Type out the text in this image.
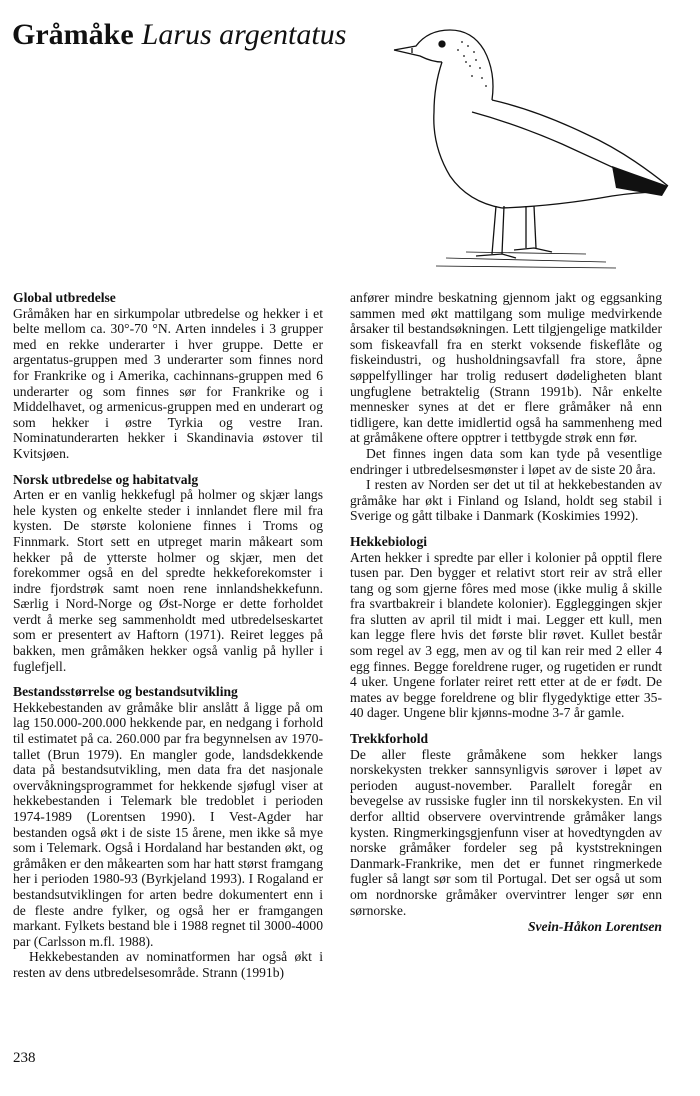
Gråmåke Larus argentatus
Global utbredelse

Gråmåken har en sirkumpolar utbredelse og hekker i et belte mellom ca. 30°-70 °N. Arten inndeles i 3 grupper med en rekke underarter i hver gruppe. Dette er argentatus-gruppen med 3 underarter som finnes nord for Frankrike og i Amerika, cachinnans-gruppen med 6 underarter og som finnes sør for Frankrike og i Middelhavet, og armenicus-gruppen med en underart og som hekker i østre Tyrkia og vestre Iran. Nominatunderarten hekker i Skandinavia østover til Kvitsjøen.

Norsk utbredelse og habitatvalg

Arten er en vanlig hekkefugl på holmer og skjær langs hele kysten og enkelte steder i innlandet flere mil fra kysten. De største koloniene finnes i Troms og Finnmark. Stort sett en utpreget marin måkeart som hekker på de ytterste holmer og skjær, men det forekommer også en del spredte hekkeforekomster i indre fjordstrøk samt noen rene innlandshekkefunn. Særlig i Nord-Norge og Øst-Norge er dette forholdet verdt å merke seg sammenholdt med utbredelseskartet som er presentert av Haftorn (1971). Reiret legges på bakken, men gråmåken hekker også vanlig på hyller i fuglefjell.

Bestandsstørrelse og bestandsutvikling

Hekkebestanden av gråmåke blir anslått å ligge på om lag 150.000-200.000 hekkende par, en nedgang i forhold til estimatet på ca. 260.000 par fra begynnelsen av 1970-tallet (Brun 1979). En mangler gode, landsdekkende data på bestandsutvikling, men data fra det nasjonale overvåkningsprogrammet for hekkende sjøfugl viser at hekkebestanden i Telemark ble tredoblet i perioden 1974-1989 (Lorentsen 1990). I Vest-Agder har bestanden også økt i de siste 15 årene, men ikke så mye som i Telemark. Også i Hordaland har bestanden økt, og gråmåken er den måkearten som har hatt størst framgang her i perioden 1980-93 (Byrkjeland 1993). I Rogaland er bestandsutviklingen for arten bedre dokumentert enn i de fleste andre fylker, og også her er framgangen markant. Fylkets bestand ble i 1988 regnet til 3000-4000 par (Carlsson m.fl. 1988).

Hekkebestanden av nominatformen har også økt i resten av dens utbredelsesområde. Strann (1991b)

anfører mindre beskatning gjennom jakt og eggsanking sammen med økt mattilgang som mulige medvirkende årsaker til bestandsøkningen. Lett tilgjengelige matkilder som fiskeavfall fra en sterkt voksende fiskeflåte og fiskeindustri, og husholdningsavfall fra store, åpne søppelfyllinger har trolig redusert dødeligheten blant ungfuglene betraktelig (Strann 1991b). Når enkelte mennesker synes at det er flere gråmåker nå enn tidligere, kan dette imidlertid også ha sammenheng med at gråmåkene oftere opptrer i tettbygde strøk enn før.

Det finnes ingen data som kan tyde på vesentlige endringer i utbredelsesmønster i løpet av de siste 20 åra.

I resten av Norden ser det ut til at hekkebestanden av gråmåke har økt i Finland og Island, holdt seg stabil i Sverige og gått tilbake i Danmark (Koskimies 1992).

Hekkebiologi

Arten hekker i spredte par eller i kolonier på opptil flere tusen par. Den bygger et relativt stort reir av strå eller tang og som gjerne fôres med mose (ikke mulig å skille fra svartbakreir i blandete kolonier). Eggleggingen skjer fra slutten av april til midt i mai. Legger ett kull, men kan legge flere hvis det første blir røvet. Kullet består som regel av 3 egg, men av og til kan reir med 2 eller 4 egg finnes. Begge foreldrene ruger, og rugetiden er rundt 4 uker. Ungene forlater reiret rett etter at de er født. De mates av begge foreldrene og blir flygedyktige etter 35-40 dager. Ungene blir kjønns-modne 3-7 år gamle.

Trekkforhold

De aller fleste gråmåkene som hekker langs norskekysten trekker sannsynligvis sørover i løpet av perioden august-november. Parallelt foregår en bevegelse av russiske fugler inn til norskekysten. En vil derfor alltid observere overvintrende gråmåker langs kysten. Ringmerkingsgjenfunn viser at hovedtyngden av norske gråmåker fordeler seg på kyststrekningen Danmark-Frankrike, men det er funnet ringmerkede fugler så langt sør som til Portugal. Det ser også ut som om nordnorske gråmåker overvintrer lenger sør enn sørnorske.

Svein-Håkon Lorentsen
238
